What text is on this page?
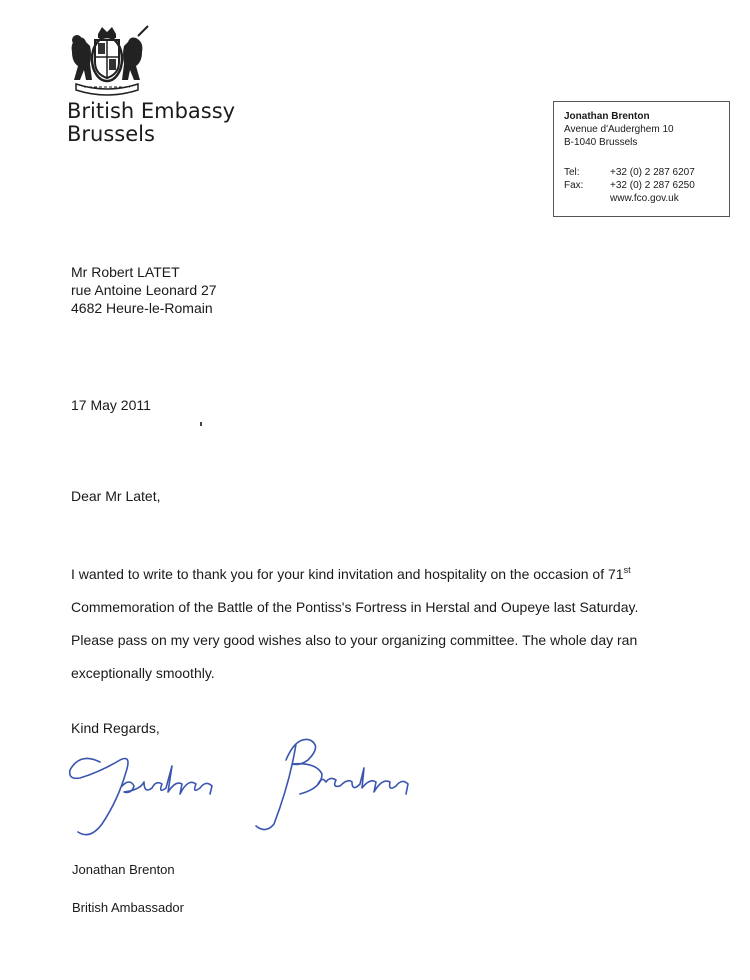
British Embassy
Brussels
Jonathan Brenton
Avenue d'Auderghem 10
B-1040 Brussels
Tel:	+32 (0) 2 287 6207
Fax:	+32 (0) 2 287 6250
www.fco.gov.uk
Mr Robert LATET
rue Antoine Leonard 27
4682 Heure-le-Romain
17 May 2011
Dear Mr Latet,
I wanted to write to thank you for your kind invitation and hospitality on the occasion of 71st
Commemoration of the Battle of the Pontiss's Fortress in Herstal and Oupeye last Saturday.
Please pass on my very good wishes also to your organizing committee. The whole day ran
exceptionally smoothly.
Kind Regards,
Jonathan Brenton
British Ambassador
